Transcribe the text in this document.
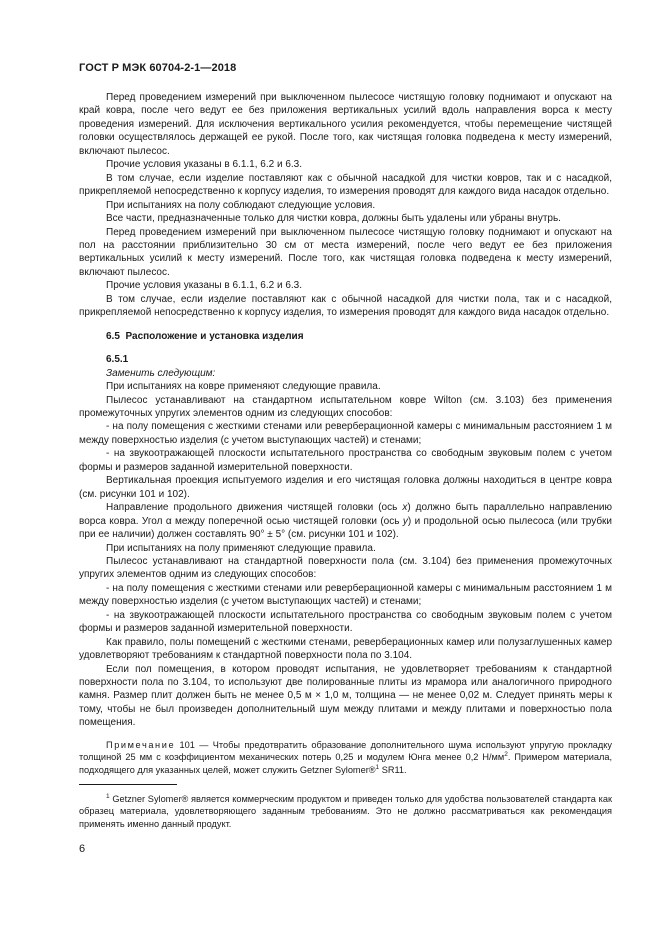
ГОСТ Р МЭК 60704-2-1—2018

Перед проведением измерений при выключенном пылесосе чистящую головку поднимают и опускают на край ковра, после чего ведут ее без приложения вертикальных усилий вдоль направления ворса к месту проведения измерений. Для исключения вертикального усилия рекомендуется, чтобы перемещение чистящей головки осуществлялось держащей ее рукой. После того, как чистящая головка подведена к месту измерений, включают пылесос.

Прочие условия указаны в 6.1.1, 6.2 и 6.3.

В том случае, если изделие поставляют как с обычной насадкой для чистки ковров, так и с насадкой, прикрепляемой непосредственно к корпусу изделия, то измерения проводят для каждого вида насадок отдельно.

При испытаниях на полу соблюдают следующие условия.

Все части, предназначенные только для чистки ковра, должны быть удалены или убраны внутрь.

Перед проведением измерений при выключенном пылесосе чистящую головку поднимают и опускают на пол на расстоянии приблизительно 30 см от места измерений, после чего ведут ее без приложения вертикальных усилий к месту измерений. После того, как чистящая головка подведена к месту измерений, включают пылесос.

Прочие условия указаны в 6.1.1, 6.2 и 6.3.

В том случае, если изделие поставляют как с обычной насадкой для чистки пола, так и с насадкой, прикрепляемой непосредственно к корпусу изделия, то измерения проводят для каждого вида насадок отдельно.

6.5 Расположение и установка изделия

6.5.1

Заменить следующим:

При испытаниях на ковре применяют следующие правила.

Пылесос устанавливают на стандартном испытательном ковре Wilton (см. 3.103) без применения промежуточных упругих элементов одним из следующих способов:

- на полу помещения с жесткими стенами или реверберационной камеры с минимальным расстоянием 1 м между поверхностью изделия (с учетом выступающих частей) и стенами;

- на звукоотражающей плоскости испытательного пространства со свободным звуковым полем с учетом формы и размеров заданной измерительной поверхности.

Вертикальная проекция испытуемого изделия и его чистящая головка должны находиться в центре ковра (см. рисунки 101 и 102).

Направление продольного движения чистящей головки (ось x) должно быть параллельно направлению ворса ковра. Угол α между поперечной осью чистящей головки (ось y) и продольной осью пылесоса (или трубки при ее наличии) должен составлять 90° ± 5° (см. рисунки 101 и 102).

При испытаниях на полу применяют следующие правила.

Пылесос устанавливают на стандартной поверхности пола (см. 3.104) без применения промежуточных упругих элементов одним из следующих способов:

- на полу помещения с жесткими стенами или реверберационной камеры с минимальным расстоянием 1 м между поверхностью изделия (с учетом выступающих частей) и стенами;

- на звукоотражающей плоскости испытательного пространства со свободным звуковым полем с учетом формы и размеров заданной измерительной поверхности.

Как правило, полы помещений с жесткими стенами, реверберационных камер или полузаглушенных камер удовлетворяют требованиям к стандартной поверхности пола по 3.104.

Если пол помещения, в котором проводят испытания, не удовлетворяет требованиям к стандартной поверхности пола по 3.104, то используют две полированные плиты из мрамора или аналогичного природного камня. Размер плит должен быть не менее 0,5 м × 1,0 м, толщина — не менее 0,02 м. Следует принять меры к тому, чтобы не был произведен дополнительный шум между плитами и между плитами и поверхностью пола помещения.

Примечание 101 — Чтобы предотвратить образование дополнительного шума используют упругую прокладку толщиной 25 мм с коэффициентом механических потерь 0,25 и модулем Юнга менее 0,2 $Н/мм^2$. Примером материала, подходящего для указанных целей, может служить Getzner Sylomer®$^1$ SR11.

$^1$ Getzner Sylomer® является коммерческим продуктом и приведен только для удобства пользователей стандарта как образец материала, удовлетворяющего заданным требованиям. Это не должно рассматриваться как рекомендация применять именно данный продукт.

6
